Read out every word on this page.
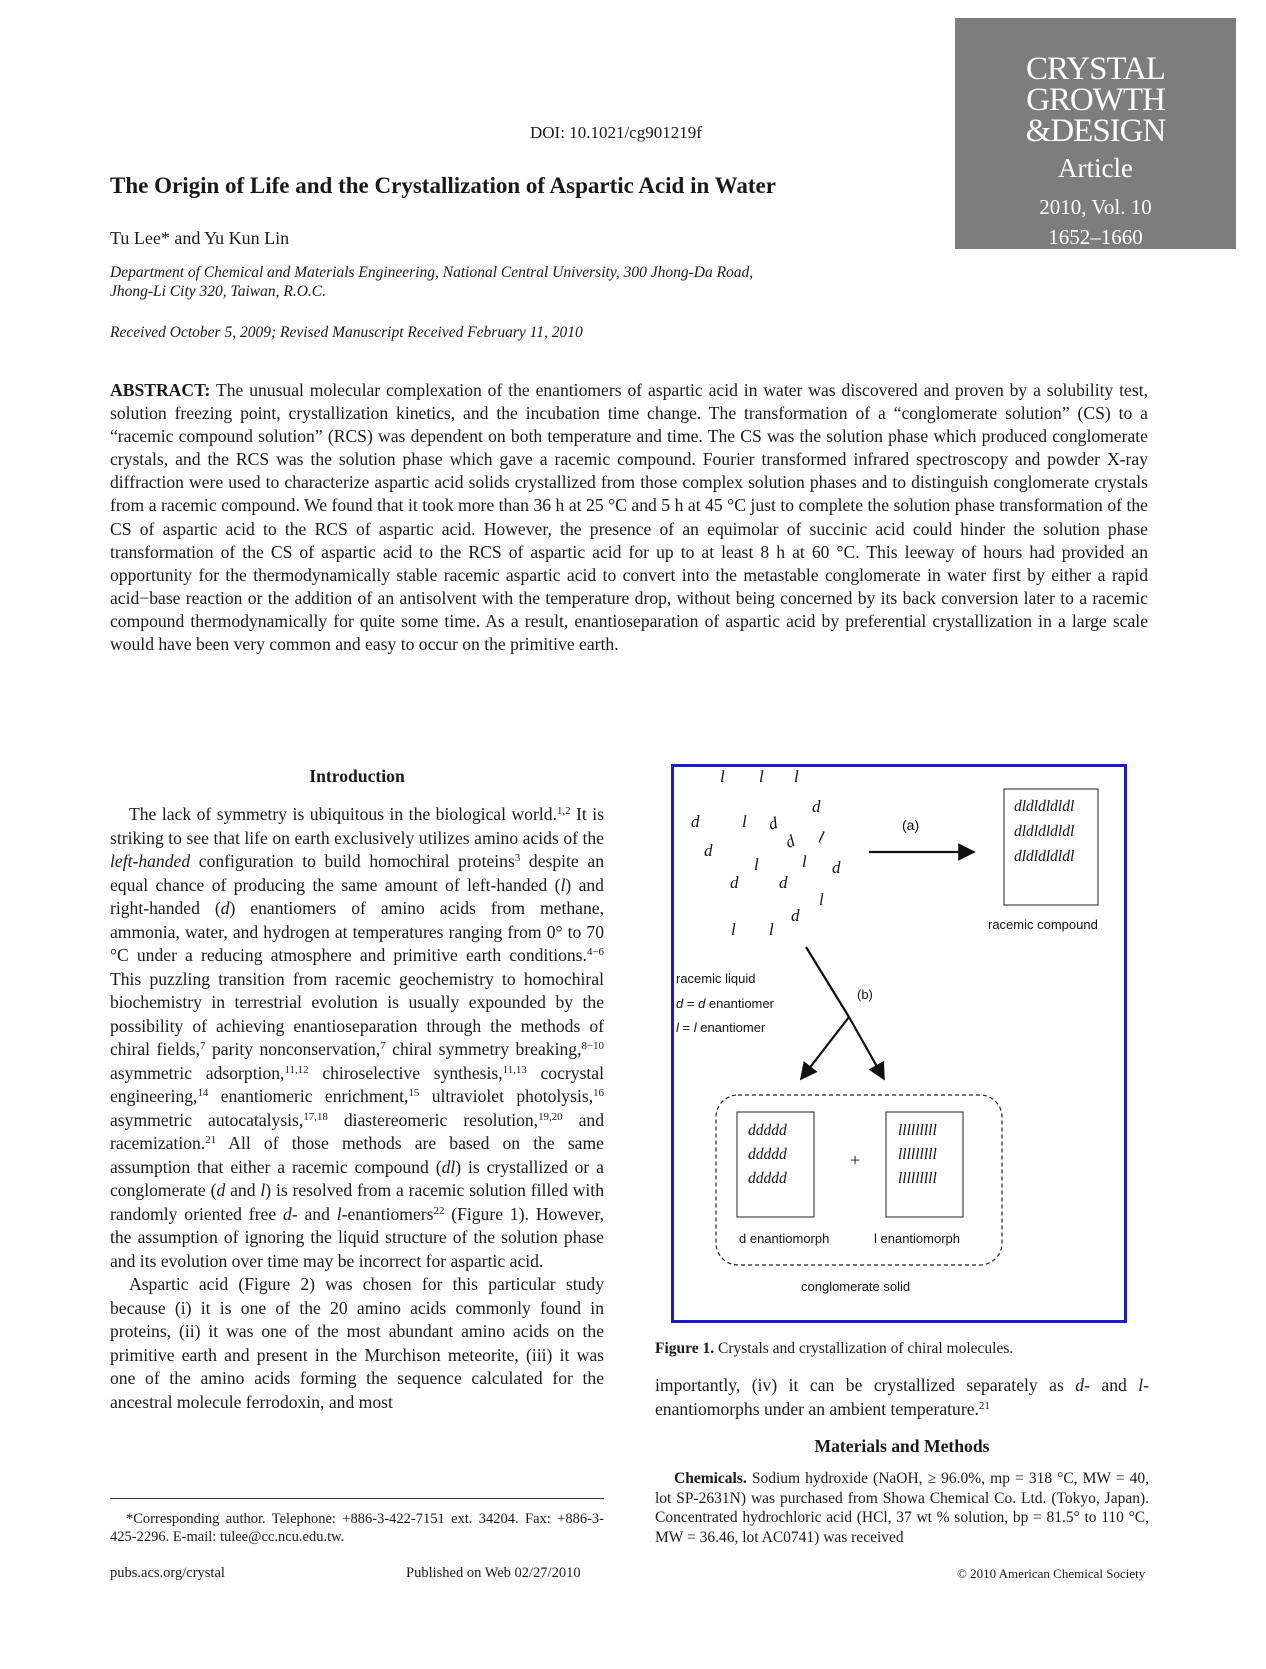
CRYSTAL
GROWTH
&DESIGN
Article
2010, Vol. 10
1652–1660
DOI: 10.1021/cg901219f
The Origin of Life and the Crystallization of Aspartic Acid in Water
Tu Lee* and Yu Kun Lin
Department of Chemical and Materials Engineering, National Central University, 300 Jhong-Da Road,
Jhong-Li City 320, Taiwan, R.O.C.
Received October 5, 2009; Revised Manuscript Received February 11, 2010
ABSTRACT: The unusual molecular complexation of the enantiomers of aspartic acid in water was discovered and proven by a solubility test, solution freezing point, crystallization kinetics, and the incubation time change. The transformation of a “conglomerate solution” (CS) to a “racemic compound solution” (RCS) was dependent on both temperature and time. The CS was the solution phase which produced conglomerate crystals, and the RCS was the solution phase which gave a racemic compound. Fourier transformed infrared spectroscopy and powder X-ray diffraction were used to characterize aspartic acid solids crystallized from those complex solution phases and to distinguish conglomerate crystals from a racemic compound. We found that it took more than 36 h at 25 °C and 5 h at 45 °C just to complete the solution phase transformation of the CS of aspartic acid to the RCS of aspartic acid. However, the presence of an equimolar of succinic acid could hinder the solution phase transformation of the CS of aspartic acid to the RCS of aspartic acid for up to at least 8 h at 60 °C. This leeway of hours had provided an opportunity for the thermodynamically stable racemic aspartic acid to convert into the metastable conglomerate in water first by either a rapid acid−base reaction or the addition of an antisolvent with the temperature drop, without being concerned by its back conversion later to a racemic compound thermodynamically for quite some time. As a result, enantioseparation of aspartic acid by preferential crystallization in a large scale would have been very common and easy to occur on the primitive earth.
Introduction

The lack of symmetry is ubiquitous in the biological world.$^{1,2}$ It is striking to see that life on earth exclusively utilizes amino acids of the left-handed configuration to build homochiral proteins$^3$ despite an equal chance of producing the same amount of left-handed (l) and right-handed (d) enantiomers of amino acids from methane, ammonia, water, and hydrogen at temperatures ranging from 0° to 70 °C under a reducing atmosphere and primitive earth conditions.$^{4-6}$ This puzzling transition from racemic geochemistry to homochiral biochemistry in terrestrial evolution is usually expounded by the possibility of achieving enantioseparation through the methods of chiral fields,$^7$ parity nonconservation,$^7$ chiral symmetry breaking,$^{8-10}$ asymmetric adsorption,$^{11,12}$ chiroselective synthesis,$^{11,13}$ cocrystal engineering,$^{14}$ enantiomeric enrichment,$^{15}$ ultraviolet photolysis,$^{16}$ asymmetric autocatalysis,$^{17,18}$ diastereomeric resolution,$^{19,20}$ and racemization.$^{21}$ All of those methods are based on the same assumption that either a racemic compound (dl) is crystallized or a conglomerate (d and l) is resolved from a racemic solution filled with randomly oriented free d- and l-enantiomers$^{22}$ (Figure 1). However, the assumption of ignoring the liquid structure of the solution phase and its evolution over time may be incorrect for aspartic acid.

Aspartic acid (Figure 2) was chosen for this particular study because (i) it is one of the 20 amino acids commonly found in proteins, (ii) it was one of the most abundant amino acids on the primitive earth and present in the Murchison meteorite, (iii) it was one of the amino acids forming the sequence calculated for the ancestral molecule ferrodoxin, and most

l l l
d
d	l d
d l
d
l	l d
d d
l
d
l l
(a)
dldldldldl
dldldldldl
dldldldldl
racemic compound
racemic liquid
d = d enantiomer
l = l enantiomer
(b)
ddddd
ddddd
ddddd
+
lllllllll
lllllllll
lllllllll
d enantiomorph	l enantiomorph
conglomerate solid
Figure 1. Crystals and crystallization of chiral molecules.
importantly, (iv) it can be crystallized separately as d- and l-enantiomorphs under an ambient temperature.$^{21}$
Materials and Methods
Chemicals. Sodium hydroxide (NaOH, ≥ 96.0%, mp = 318 °C, MW = 40, lot SP-2631N) was purchased from Showa Chemical Co. Ltd. (Tokyo, Japan). Concentrated hydrochloric acid (HCl, 37 wt % solution, bp = 81.5° to 110 °C, MW = 36.46, lot AC0741) was received
*Corresponding author. Telephone: +886-3-422-7151 ext. 34204. Fax: +886-3-425-2296. E-mail: tulee@cc.ncu.edu.tw.
pubs.acs.org/crystal	Published on Web 02/27/2010	© 2010 American Chemical Society
